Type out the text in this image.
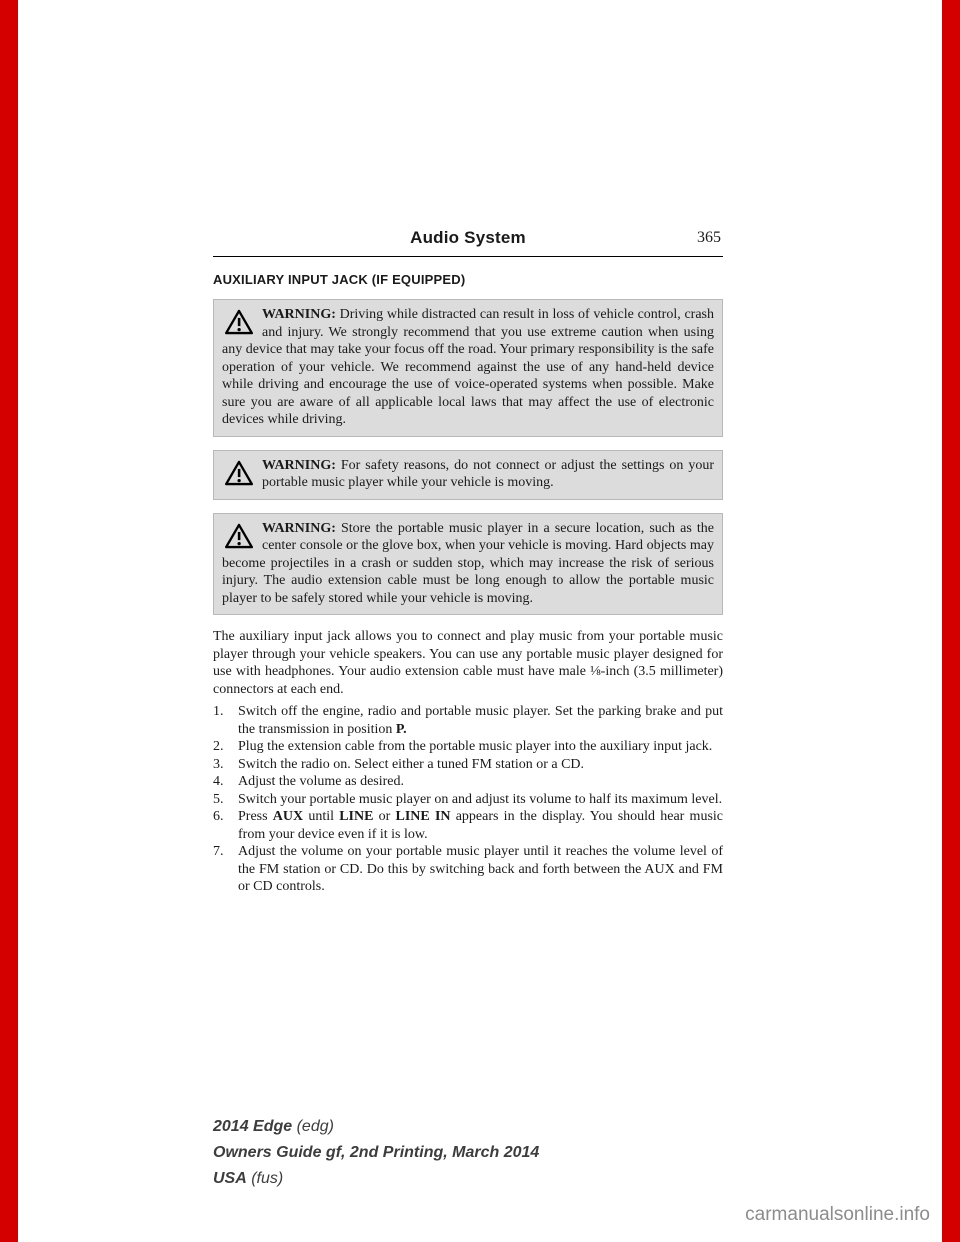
Audio System	365
AUXILIARY INPUT JACK (IF EQUIPPED)

WARNING: Driving while distracted can result in loss of vehicle control, crash and injury. We strongly recommend that you use extreme caution when using any device that may take your focus off the road. Your primary responsibility is the safe operation of your vehicle. We recommend against the use of any hand-held device while driving and encourage the use of voice-operated systems when possible. Make sure you are aware of all applicable local laws that may affect the use of electronic devices while driving.

WARNING: For safety reasons, do not connect or adjust the settings on your portable music player while your vehicle is moving.

WARNING: Store the portable music player in a secure location, such as the center console or the glove box, when your vehicle is moving. Hard objects may become projectiles in a crash or sudden stop, which may increase the risk of serious injury. The audio extension cable must be long enough to allow the portable music player to be safely stored while your vehicle is moving.

The auxiliary input jack allows you to connect and play music from your portable music player through your vehicle speakers. You can use any portable music player designed for use with headphones. Your audio extension cable must have male ⅛-inch (3.5 millimeter) connectors at each end.

1.	Switch off the engine, radio and portable music player. Set the parking brake and put the transmission in position P.

2.	Plug the extension cable from the portable music player into the auxiliary input jack.

3.	Switch the radio on. Select either a tuned FM station or a CD.

4.	Adjust the volume as desired.

5.	Switch your portable music player on and adjust its volume to half its maximum level.

6.	Press AUX until LINE or LINE IN appears in the display. You should hear music from your device even if it is low.

7.	Adjust the volume on your portable music player until it reaches the volume level of the FM station or CD. Do this by switching back and forth between the AUX and FM or CD controls.

2014 Edge (edg)
Owners Guide gf, 2nd Printing, March 2014
USA (fus)
carmanualsonline.info
